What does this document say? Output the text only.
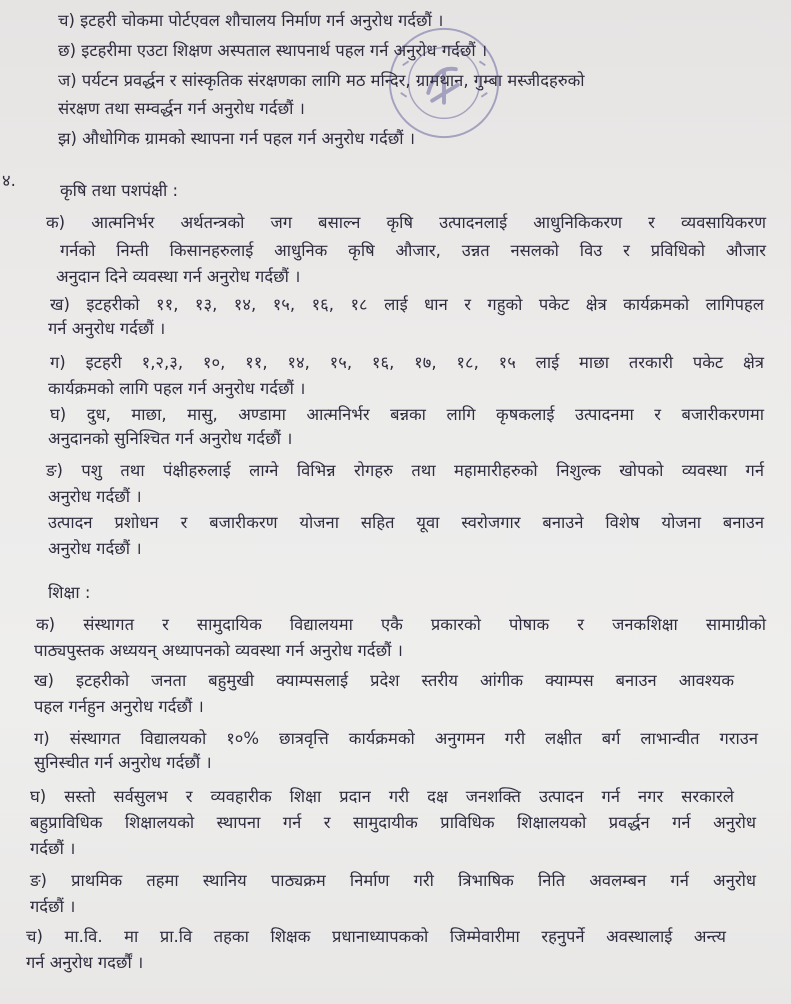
च) इटहरी चोकमा पोर्टएवल शौचालय निर्माण गर्न अनुरोध गर्दछौं ।
छ) इटहरीमा एउटा शिक्षण अस्पताल स्थापनार्थ पहल गर्न अनुरोध गर्दछौं ।
ज) पर्यटन प्रवर्द्धन र सांस्कृतिक संरक्षणका लागि मठ मन्दिर, ग्रामथान, गुम्बा मस्जीदहरुको
संरक्षण तथा सम्वर्द्धन गर्न अनुरोध गर्दछौं ।
झ) औधोगिक ग्रामको स्थापना गर्न पहल गर्न अनुरोध गर्दछौं ।
४.
कृषि तथा पशपंक्षी :
क) आत्मनिर्भर अर्थतन्त्रको जग बसाल्न कृषि उत्पादनलाई आधुनिकिकरण र व्यवसायिकरण
गर्नको निम्ती किसानहरुलाई आधुनिक कृषि औजार, उन्नत नसलको विउ र प्रविधिको औजार
अनुदान दिने व्यवस्था गर्न अनुरोध गर्दछौं ।
ख) इटहरीको ११, १३, १४, १५, १६, १८ लाई धान र गहुको पकेट क्षेत्र कार्यक्रमको लागिपहल
गर्न अनुरोध गर्दछौं ।
ग) इटहरी १,२,३, १०, ११, १४, १५, १६, १७, १८, १५ लाई माछा तरकारी पकेट क्षेत्र
कार्यक्रमको लागि पहल गर्न अनुरोध गर्दछौं ।
घ) दुध, माछा, मासु, अण्डामा आत्मनिर्भर बन्नका लागि कृषकलाई उत्पादनमा र बजारीकरणमा
अनुदानको सुनिश्चित गर्न अनुरोध गर्दछौं ।
ङ) पशु तथा पंक्षीहरुलाई लाग्ने विभिन्न रोगहरु तथा महामारीहरुको निशुल्क खोपको व्यवस्था गर्न
अनुरोध गर्दछौं ।
उत्पादन प्रशोधन र बजारीकरण योजना सहित यूवा स्वरोजगार बनाउने विशेष योजना बनाउन
अनुरोध गर्दछौं ।
शिक्षा :
क) संस्थागत र सामुदायिक विद्यालयमा एकै प्रकारको पोषाक र जनकशिक्षा सामाग्रीको
पाठ्यपुस्तक अध्ययन् अध्यापनको व्यवस्था गर्न अनुरोध गर्दछौं ।
ख) इटहरीको जनता बहुमुखी क्याम्पसलाई प्रदेश स्तरीय आंगीक क्याम्पस बनाउन आवश्यक
पहल गर्नहुन अनुरोध गर्दछौं ।
ग) संस्थागत विद्यालयको १०% छात्रवृत्ति कार्यक्रमको अनुगमन गरी लक्षीत बर्ग लाभान्वीत गराउन
सुनिस्चीत गर्न अनुरोध गर्दछौं ।
घ) सस्तो सर्वसुलभ र व्यवहारीक शिक्षा प्रदान गरी दक्ष जनशक्ति उत्पादन गर्न नगर सरकारले
बहुप्राविधिक शिक्षालयको स्थापना गर्न र सामुदायीक प्राविधिक शिक्षालयको प्रवर्द्धन गर्न अनुरोध
गर्दछौं ।
ङ) प्राथमिक तहमा स्थानिय पाठ्यक्रम निर्माण गरी त्रिभाषिक निति अवलम्बन गर्न अनुरोध
गर्दछौं ।
च) मा.वि. मा प्रा.वि तहका शिक्षक प्रधानाध्यापकको जिम्मेवारीमा रहनुपर्ने अवस्थालाई अन्त्य
गर्न अनुरोध गदर्छौं ।
